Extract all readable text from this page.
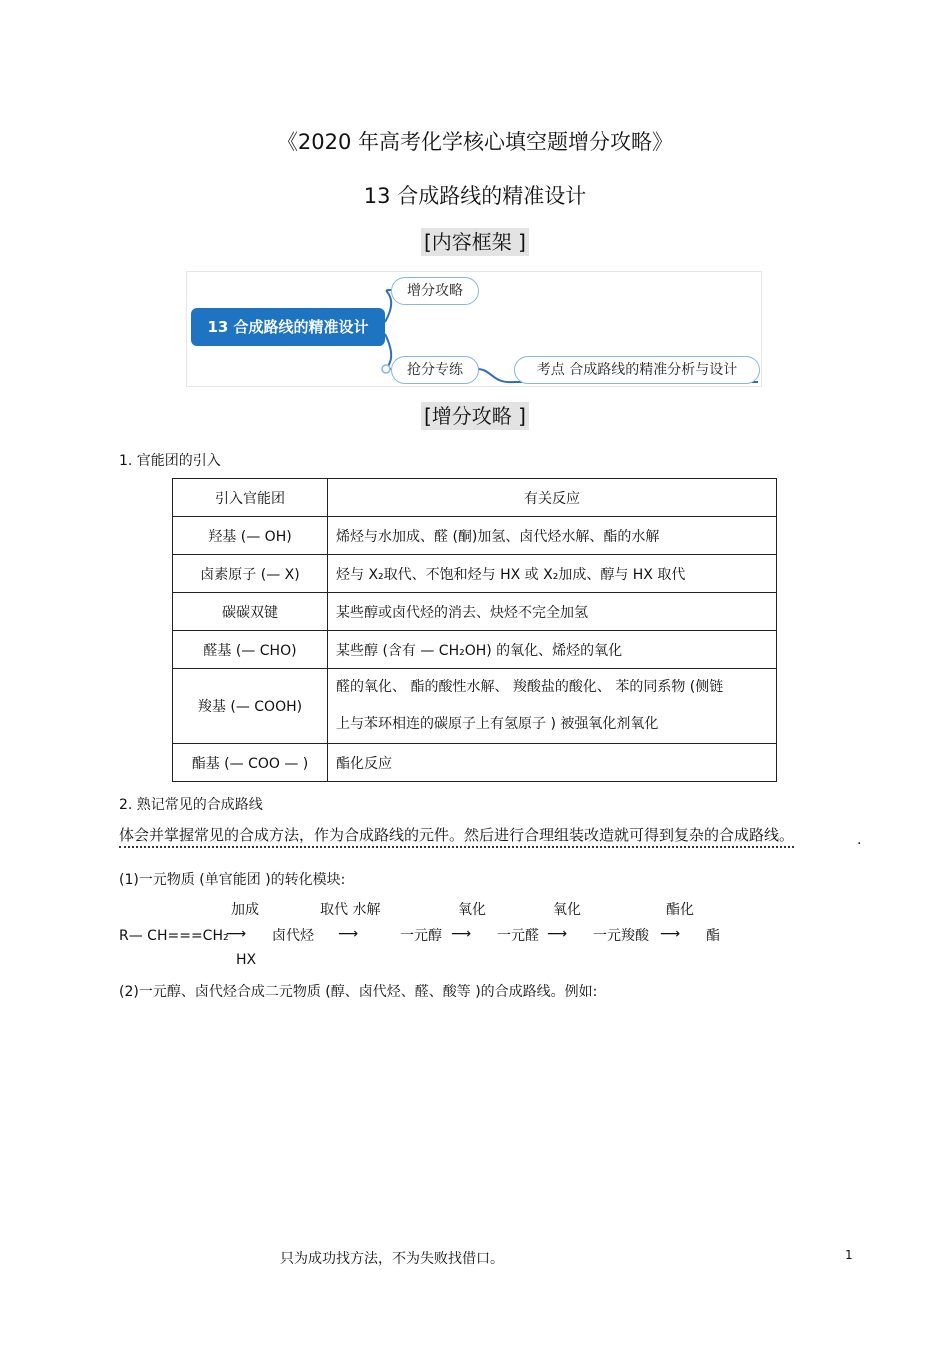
《2020 年高考化学核心填空题增分攻略》
13 合成路线的精准设计
[内容框架 ]
13 合成路线的精准设计
增分攻略
抢分专练	考点 合成路线的精准分析与设计
[增分攻略 ]
1. 官能团的引入
引入官能团	有关反应
羟基 (— OH)	烯烃与水加成、醛 (酮)加氢、卤代烃水解、酯的水解
卤素原子 (— X)	烃与 X₂取代、不饱和烃与 HX 或 X₂加成、醇与 HX 取代
碳碳双键	某些醇或卤代烃的消去、炔烃不完全加氢
醛基 (— CHO)	某些醇 (含有 — CH₂OH) 的氧化、烯烃的氧化
羧基 (— COOH)	醛的氧化、 酯的酸性水解、 羧酸盐的酸化、 苯的同系物 (侧链
上与苯环相连的碳原子上有氢原子 ) 被强氧化剂氧化

酯基 (— COO — )	酯化反应
2. 熟记常见的合成路线
体会并掌握常见的合成方法，作为合成路线的元件。然后进行合理组装改造就可得到复杂的合成路线。	.
(1)一元物质 (单官能团 )的转化模块:
加成	取代 水解	氧化	氧化	酯化
R— CH===CH₂
⟶ 卤代烃 ⟶	一元醇 ⟶ 一元醛 ⟶ 一元羧酸 ⟶ 酯
HX
(2)一元醇、卤代烃合成二元物质 (醇、卤代烃、醛、酸等 )的合成路线。例如:
只为成功找方法，不为失败找借口。	1
